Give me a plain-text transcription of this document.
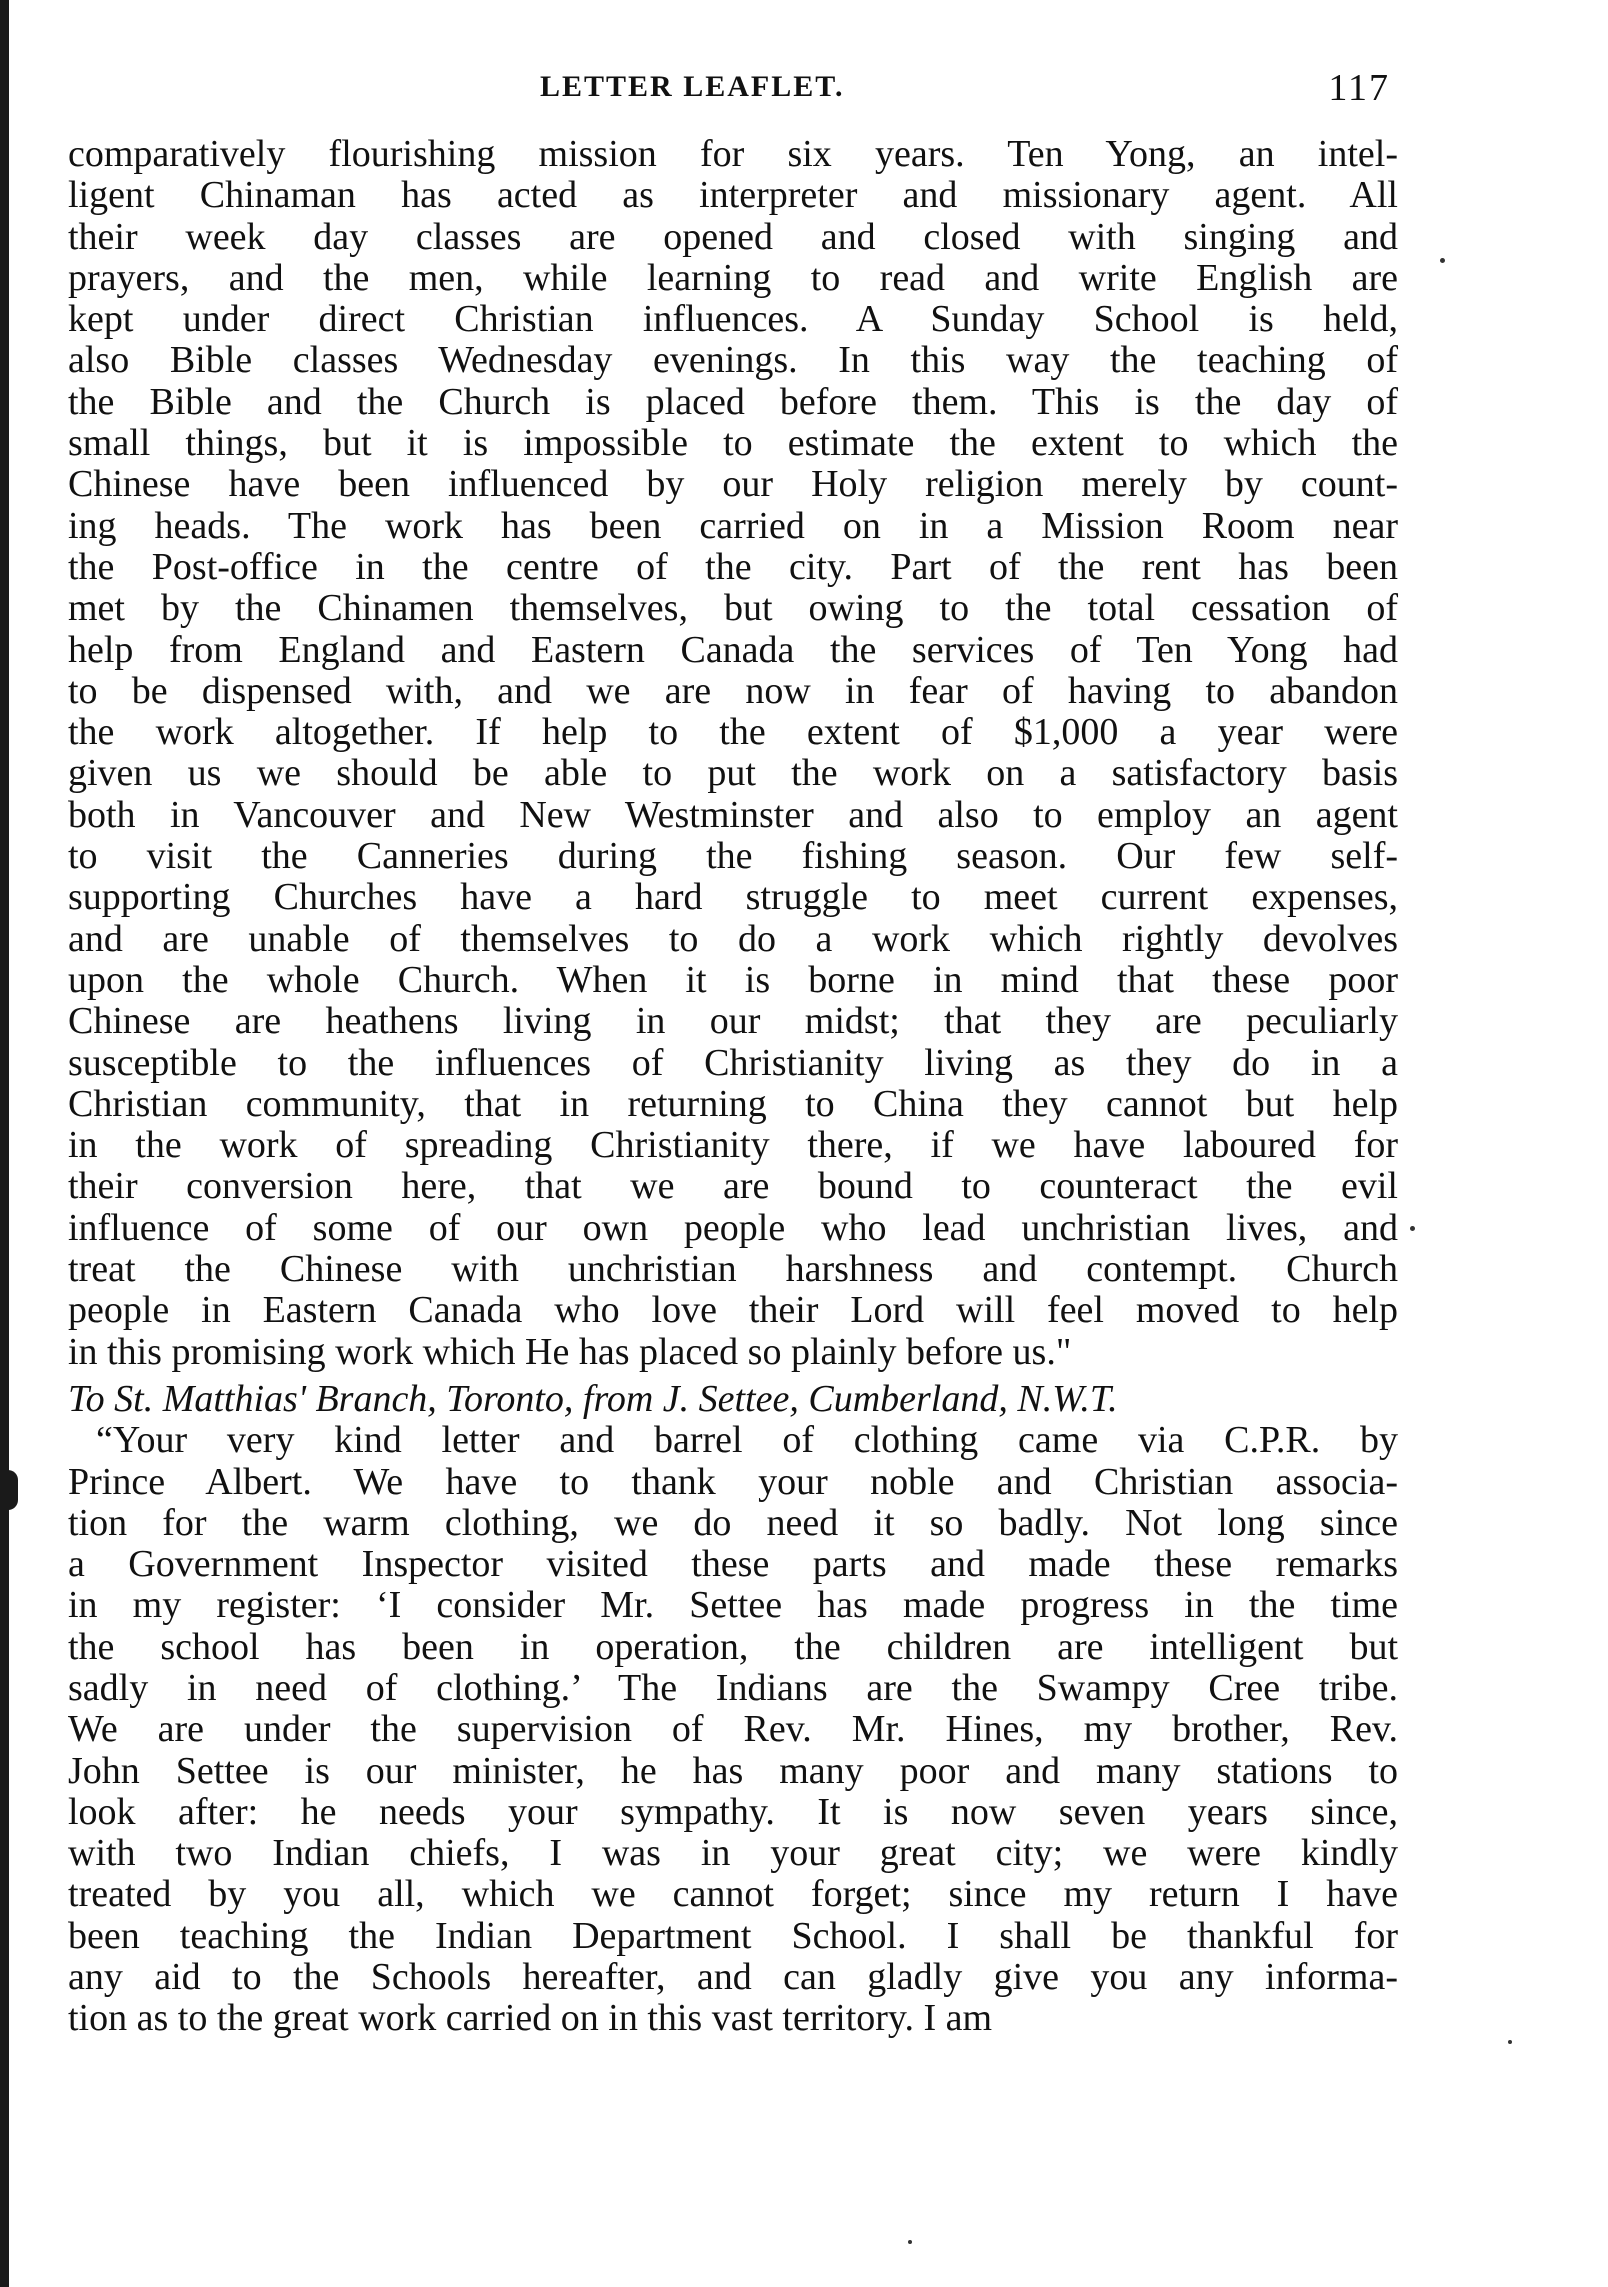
LETTER LEAFLET.	117
comparatively flourishing mission for six years. Ten Yong, an intel-
ligent Chinaman has acted as interpreter and missionary agent. All
their week day classes are opened and closed with singing and
prayers, and the men, while learning to read and write English are
kept under direct Christian influences. A Sunday School is held,
also Bible classes Wednesday evenings. In this way the teaching of
the Bible and the Church is placed before them. This is the day of
small things, but it is impossible to estimate the extent to which the
Chinese have been influenced by our Holy religion merely by count-
ing heads. The work has been carried on in a Mission Room near
the Post-office in the centre of the city. Part of the rent has been
met by the Chinamen themselves, but owing to the total cessation of
help from England and Eastern Canada the services of Ten Yong had
to be dispensed with, and we are now in fear of having to abandon
the work altogether. If help to the extent of $1,000 a year were
given us we should be able to put the work on a satisfactory basis
both in Vancouver and New Westminster and also to employ an agent
to visit the Canneries during the fishing season. Our few self-
supporting Churches have a hard struggle to meet current expenses,
and are unable of themselves to do a work which rightly devolves
upon the whole Church. When it is borne in mind that these poor
Chinese are heathens living in our midst; that they are peculiarly
susceptible to the influences of Christianity living as they do in a
Christian community, that in returning to China they cannot but help
in the work of spreading Christianity there, if we have laboured for
their conversion here, that we are bound to counteract the evil
influence of some of our own people who lead unchristian lives, and
treat the Chinese with unchristian harshness and contempt. Church
people in Eastern Canada who love their Lord will feel moved to help
in this promising work which He has placed so plainly before us."
To St. Matthias' Branch, Toronto, from J. Settee, Cumberland, N.W.T.
“Your very kind letter and barrel of clothing came via C.P.R. by
Prince Albert. We have to thank your noble and Christian associa-
tion for the warm clothing, we do need it so badly. Not long since
a Government Inspector visited these parts and made these remarks
in my register: ‘I consider Mr. Settee has made progress in the time
the school has been in operation, the children are intelligent but
sadly in need of clothing.’ The Indians are the Swampy Cree tribe.
We are under the supervision of Rev. Mr. Hines, my brother, Rev.
John Settee is our minister, he has many poor and many stations to
look after: he needs your sympathy. It is now seven years since,
with two Indian chiefs, I was in your great city; we were kindly
treated by you all, which we cannot forget; since my return I have
been teaching the Indian Department School. I shall be thankful for
any aid to the Schools hereafter, and can gladly give you any informa-
tion as to the great work carried on in this vast territory. I am
